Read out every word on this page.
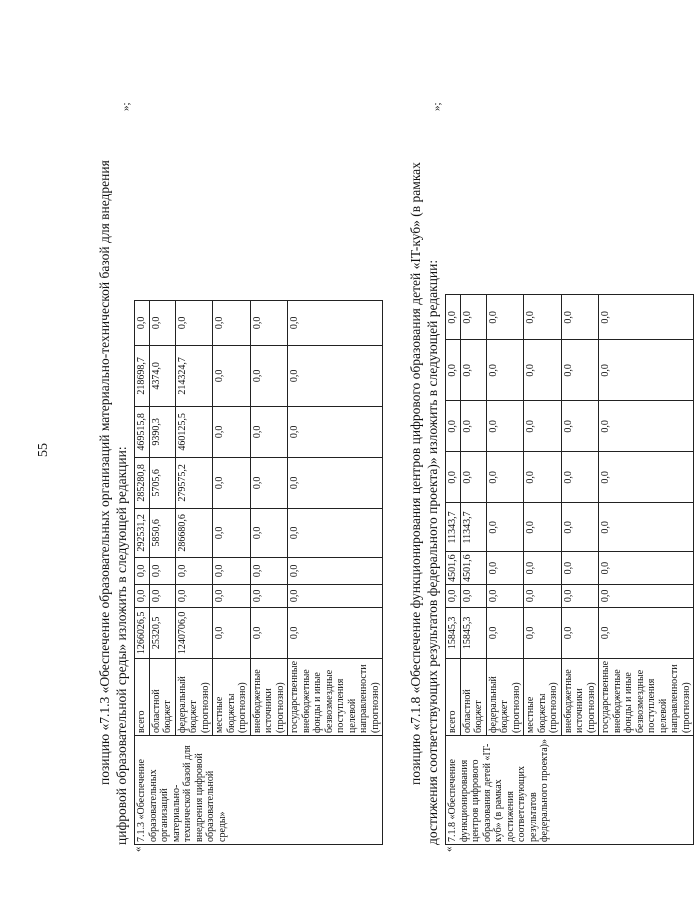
55	позицию «7.1.3 «Обеспечение образовательных организаций материально-технической базой для внедрения цифровой образовательной среды» изложить в следующей редакции:

«
7.1.3 «Обеспечение образовательных организаций материально-технической базой для внедрения цифровой образовательной среды»	всего	1266026,5	0,0	0,0	292531,2	285280,8	469515,8	218698,7	0,0
	областной бюджет	25320,5	0,0	0,0	5850,6	5705,6	9390,3	4374,0	0,0
	федеральный бюджет (прогнозно)	1240706,0	0,0	0,0	286680,6	279575,2	460125,5	214324,7	0,0
	местные бюджеты (прогнозно)	0,0	0,0	0,0	0,0	0,0	0,0	0,0	0,0
	внебюджетные источники (прогнозно)	0,0	0,0	0,0	0,0	0,0	0,0	0,0	0,0
	государственные внебюджетные фонды и иные безвозмездные поступления целевой направленности (прогнозно)	0,0	0,0	0,0	0,0	0,0	0,0	0,0	0,0
»;

позицию «7.1.8 «Обеспечение функционирования центров цифрового образования детей «IT-куб» (в рамках достижения соответствующих результатов федерального проекта)» изложить в следующей редакции:

«
7.1.8 «Обеспечение функционирования центров цифрового образования детей «IT-куб» (в рамках достижения соответствующих результатов федерального проекта)»	всего	15845,3	0,0	4501,6	11343,7	0,0	0,0	0,0	0,0
	областной бюджет	15845,3	0,0	4501,6	11343,7	0,0	0,0	0,0	0,0
	федеральный бюджет (прогнозно)	0,0	0,0	0,0	0,0	0,0	0,0	0,0	0,0
	местные бюджеты (прогнозно)	0,0	0,0	0,0	0,0	0,0	0,0	0,0	0,0
	внебюджетные источники (прогнозно)	0,0	0,0	0,0	0,0	0,0	0,0	0,0	0,0
	государственные внебюджетные фонды и иные безвозмездные поступления целевой направленности (прогнозно)	0,0	0,0	0,0	0,0	0,0	0,0	0,0	0,0
»;
